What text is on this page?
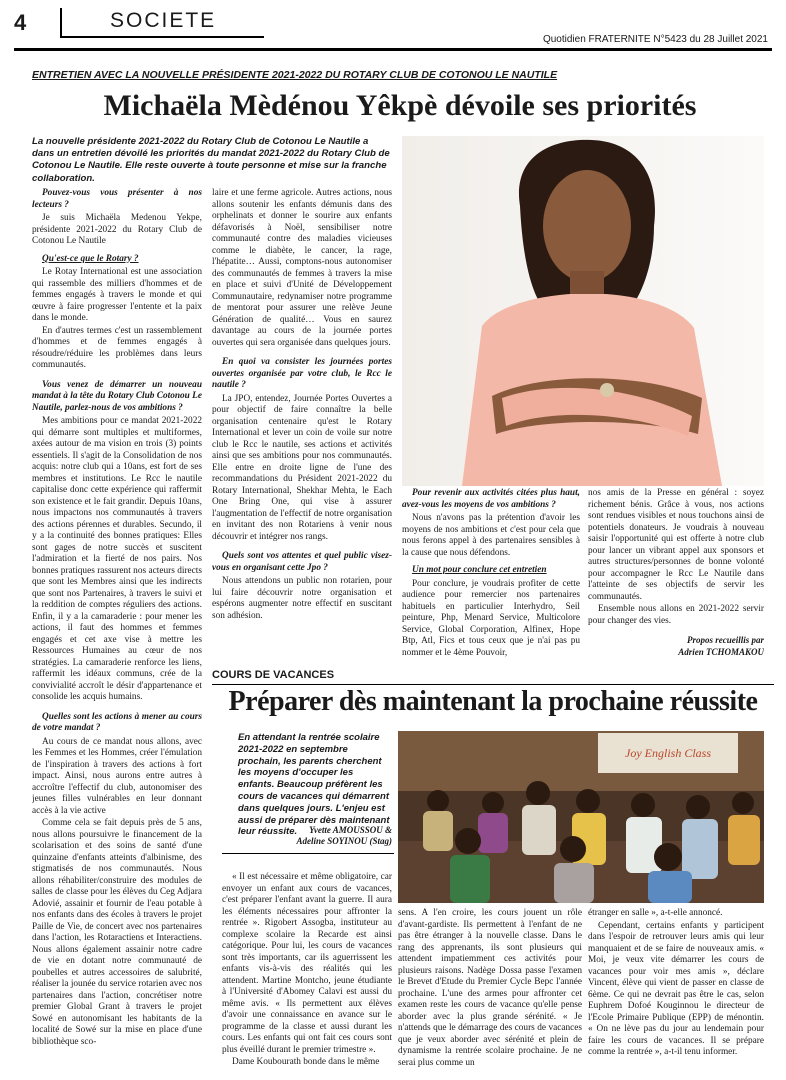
4	SOCIETE
Quotidien FRATERNITE N°5423 du 28 Juillet 2021
ENTRETIEN AVEC LA NOUVELLE PRÉSIDENTE 2021-2022 DU ROTARY CLUB DE COTONOU LE NAUTILE
Michaëla Mèdénou Yêkpè dévoile ses priorités
La nouvelle présidente 2021-2022 du Rotary Club de Cotonou Le Nautile a dans un entretien dévoilé les priorités du mandat 2021-2022 du Rotary Club de Cotonou Le Nautile. Elle reste ouverte à toute personne et mise sur la franche collaboration.

Pouvez-vous vous présenter à nos lecteurs ?

Je suis Michaëla Medenou Yekpe, présidente 2021-2022 du Rotary Club de Cotonou Le Nautile

Qu'est-ce que le Rotary ?

Le Rotay International est une association qui rassemble des milliers d'hommes et de femmes engagés à travers le monde et qui œuvre à faire progresser l'entente et la paix dans le monde.

En d'autres termes c'est un rassemblement d'hommes et de femmes engagés à résoudre/réduire les problèmes dans leurs communautés.

Vous venez de démarrer un nouveau mandat à la tête du Rotary Club Cotonou Le Nautile, parlez-nous de vos ambitions ?

Mes ambitions pour ce mandat 2021-2022 qui démarre sont multiples et multiformes, axées autour de ma vision en trois (3) points essentiels. Il s'agit de la Consolidation de nos acquis: notre club qui a 10ans, est fort de ses membres et institutions. Le Rcc le nautile capitalise donc cette expérience qui raffermit son existence et le fait grandir. Depuis 10ans, nous impactons nos communautés à travers des actions pérennes et durables. Secundo, il y a la continuité des bonnes pratiques: Elles sont gages de notre succès et suscitent l'admiration et la fierté de nos pairs. Nos bonnes pratiques rassurent nos acteurs directs que sont les Membres ainsi que les indirects que sont nos Partenaires, à travers le suivi et la reddition de comptes réguliers des actions. Enfin, il y a la camaraderie : pour mener les actions, il faut des hommes et femmes engagés et cet axe vise à mettre les Ressources Humaines au cœur de nos stratégies. La camaraderie renforce les liens, raffermit les idéaux communs, crée de la convivialité accroît le désir d'appartenance et consolide les acquis humains.

Quelles sont les actions à mener au cours de votre mandat ?

Au cours de ce mandat nous allons, avec les Femmes et les Hommes, créer l'émulation de l'inspiration à travers des actions à fort impact. Ainsi, nous aurons entre autres à accroître l'effectif du club, autonomiser des jeunes filles vulnérables en leur donnant accès à la vie active

Comme cela se fait depuis près de 5 ans, nous allons poursuivre le financement de la scolarisation et des soins de santé d'une quinzaine d'enfants atteints d'albinisme, des stigmatisés de nos communautés. Nous allons réhabiliter/construire des modules de salles de classe pour les élèves du Ceg Adjara Adovié, assainir et fournir de l'eau potable à nos enfants dans des écoles à travers le projet Paille de Vie, de concert avec nos partenaires dans l'action, les Rotaractiens et Interactiens. Nous allons également assainir notre cadre de vie en dotant notre communauté de poubelles et autres accessoires de salubrité, réaliser la jounée du service rotarien avec nos partenaires dans l'action, concrétiser notre premier Global Grant à travers le projet Sowé en autonomisant les habitants de la localité de Sowé sur la mise en place d'une bibliothèque sco-

laire et une ferme agricole. Autres actions, nous allons soutenir les enfants démunis dans des orphelinats et donner le sourire aux enfants défavorisés à Noël, sensibiliser notre communauté contre des maladies vicieuses comme le diabète, le cancer, la rage, l'hépatite… Aussi, comptons-nous autonomiser des communautés de femmes à travers la mise en place et suivi d'Unité de Développement Communautaire, redynamiser notre programme de mentorat pour assurer une relève Jeune Génération de qualité… Vous en saurez davantage au cours de la journée portes ouvertes qui sera organisée dans quelques jours.

En quoi va consister les journées portes ouvertes organisée par votre club, le Rcc le nautile ?

La JPO, entendez, Journée Portes Ouvertes a pour objectif de faire connaître la belle organisation centenaire qu'est le Rotary International et lever un coin de voile sur notre club le Rcc le nautile, ses actions et activités ainsi que ses ambitions pour nos communautés. Elle entre en droite ligne de l'une des recommandations du Président 2021-2022 du Rotary International, Shekhar Mehta, le Each One Bring One, qui vise à assurer l'augmentation de l'effectif de notre organisation en invitant des non Rotariens à venir nous découvrir et intégrer nos rangs.

Quels sont vos attentes et quel public visez-vous en organisant cette Jpo ?

Nous attendons un public non rotarien, pour lui faire découvrir notre organisation et espérons augmenter notre effectif en suscitant son adhésion.

Pour revenir aux activités citées plus haut, avez-vous les moyens de vos ambitions ?

Nous n'avons pas la prétention d'avoir les moyens de nos ambitions et c'est pour cela que nous ferons appel à des partenaires sensibles à la cause que nous défendons.

Un mot pour conclure cet entretien

Pour conclure, je voudrais profiter de cette audience pour remercier nos partenaires habituels en particulier Interhydro, Seil peinture, Php, Menard Service, Multicolore Service, Global Corporation, Alfinex, Hope Btp, Atl, Fics et tous ceux que je n'ai pas pu nommer et le 4ème Pouvoir,

nos amis de la Presse en général : soyez richement bénis. Grâce à vous, nos actions sont rendues visibles et nous touchons ainsi de potentiels donateurs. Je voudrais à nouveau saisir l'opportunité qui est offerte à notre club pour lancer un vibrant appel aux sponsors et autres structures/personnes de bonne volonté pour accompagner le Rcc Le Nautile dans l'atteinte de ses objectifs de servir les communautés.

Ensemble nous allons en 2021-2022 servir pour changer des vies.

Propos recueillis par

Adrien TCHOMAKOU

COURS DE VACANCES
Préparer dès maintenant la prochaine réussite
En attendant la rentrée scolaire 2021-2022 en septembre prochain, les parents cherchent les moyens d'occuper les enfants. Beaucoup préfèrent les cours de vacances qui démarrent dans quelques jours. L'enjeu est aussi de préparer dès maintenant leur réussite.	Yvette AMOUSSOU &
Adeline SOYINOU (Stag)
Joy English Class

« Il est nécessaire et même obligatoire, car envoyer un enfant aux cours de vacances, c'est préparer l'enfant avant la guerre. Il aura les éléments nécessaires pour affronter la rentrée ». Rigobert Assogba, instituteur au complexe scolaire la Recarde est ainsi catégorique. Pour lui, les cours de vacances sont très importants, car ils aguerrissent les enfants vis-à-vis des réalités qui les attendent. Martine Montcho, jeune étudiante à l'Université d'Abomey Calavi est aussi du même avis. « Ils permettent aux élèves d'avoir une connaissance en avance sur le programme de la classe et aussi durant les cours. Les enfants qui ont fait ces cours sont plus éveillé durant le premier trimestre ».

Dame Koubourath bonde dans le même

sens. A l'en croire, les cours jouent un rôle d'avant-gardiste. Ils permettent à l'enfant de ne pas être étranger à la nouvelle classe. Dans le rang des apprenants, ils sont plusieurs qui attendent impatiemment ces activités pour plusieurs raisons. Nadège Dossa passe l'examen le Brevet d'Etude du Premier Cycle Bepc l'année prochaine. L'une des armes pour affronter cet examen reste les cours de vacance qu'elle pense aborder avec la plus grande sérénité. « Je n'attends que le démarrage des cours de vacances que je veux aborder avec sérénité et plein de dynamisme la rentrée scolaire prochaine. Je ne serai plus comme un

étranger en salle », a-t-elle annoncé.

Cependant, certains enfants y participent dans l'espoir de retrouver leurs amis qui leur manquaient et de se faire de nouveaux amis. « Moi, je veux vite démarrer les cours de vacances pour voir mes amis », déclare Vincent, élève qui vient de passer en classe de 6ème. Ce qui ne devrait pas être le cas, selon Euphrem Dofoé Kouginnou le directeur de l'Ecole Primaire Publique (EPP) de ménontin. « On ne lève pas du jour au lendemain pour faire les cours de vacances. Il se prépare comme la rentrée », a-t-il tenu informer.
